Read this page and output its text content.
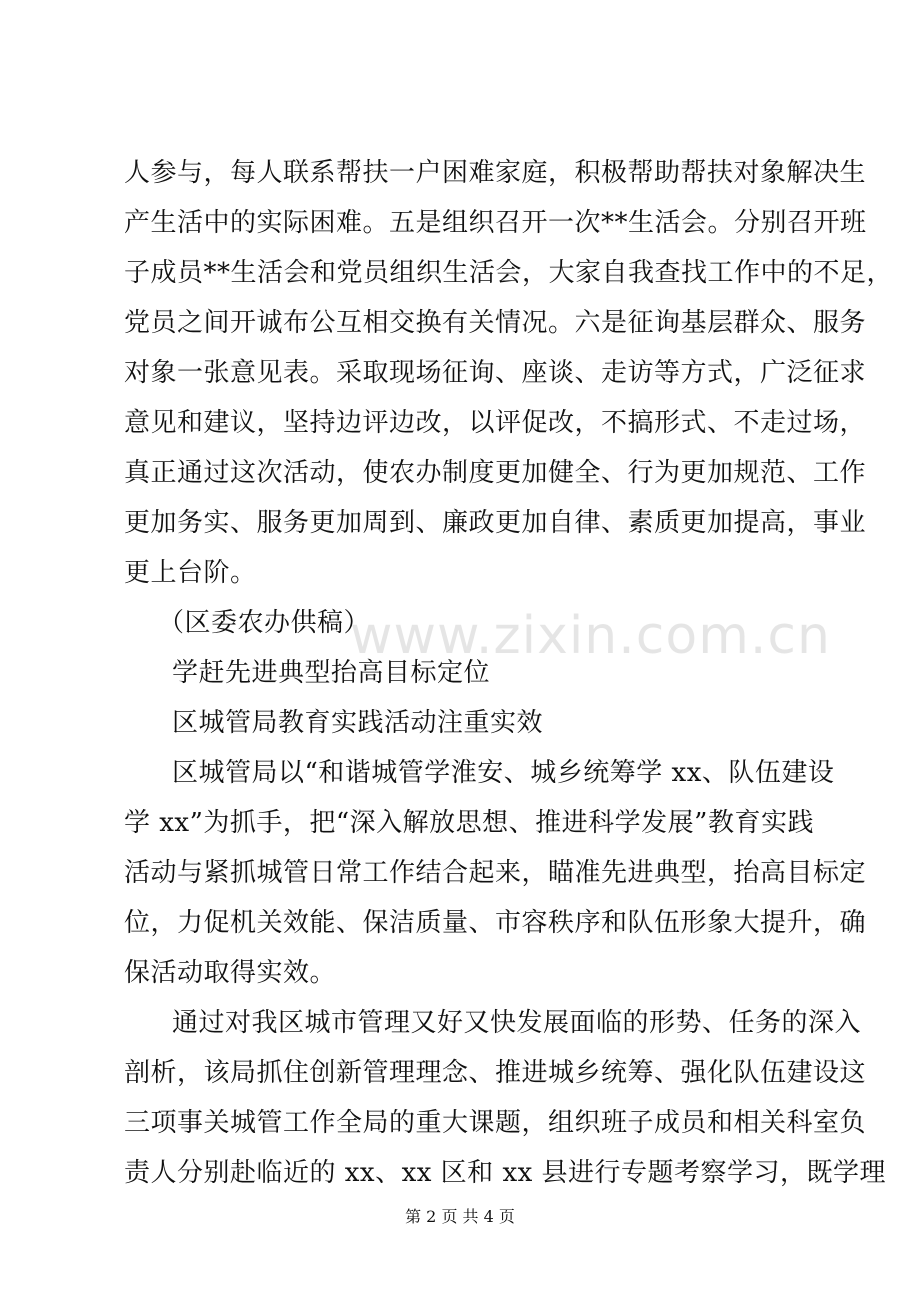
www.zixin.com.cn
人参与，每人联系帮扶一户困难家庭，积极帮助帮扶对象解决生
产生活中的实际困难。五是组织召开一次**生活会。分别召开班
子成员**生活会和党员组织生活会，大家自我查找工作中的不足，
党员之间开诚布公互相交换有关情况。六是征询基层群众、服务
对象一张意见表。采取现场征询、座谈、走访等方式，广泛征求
意见和建议，坚持边评边改，以评促改，不搞形式、不走过场，
真正通过这次活动，使农办制度更加健全、行为更加规范、工作
更加务实、服务更加周到、廉政更加自律、素质更加提高，事业
更上台阶。
（区委农办供稿）
学赶先进典型抬高目标定位
区城管局教育实践活动注重实效
区城管局以“和谐城管学淮安、城乡统筹学 xx、队伍建设
学 xx”为抓手，把“深入解放思想、推进科学发展”教育实践
活动与紧抓城管日常工作结合起来，瞄准先进典型，抬高目标定
位，力促机关效能、保洁质量、市容秩序和队伍形象大提升，确
保活动取得实效。
通过对我区城市管理又好又快发展面临的形势、任务的深入
剖析，该局抓住创新管理理念、推进城乡统筹、强化队伍建设这
三项事关城管工作全局的重大课题，组织班子成员和相关科室负
责人分别赴临近的 xx、xx 区和 xx 县进行专题考察学习，既学理
第 2 页 共 4 页
